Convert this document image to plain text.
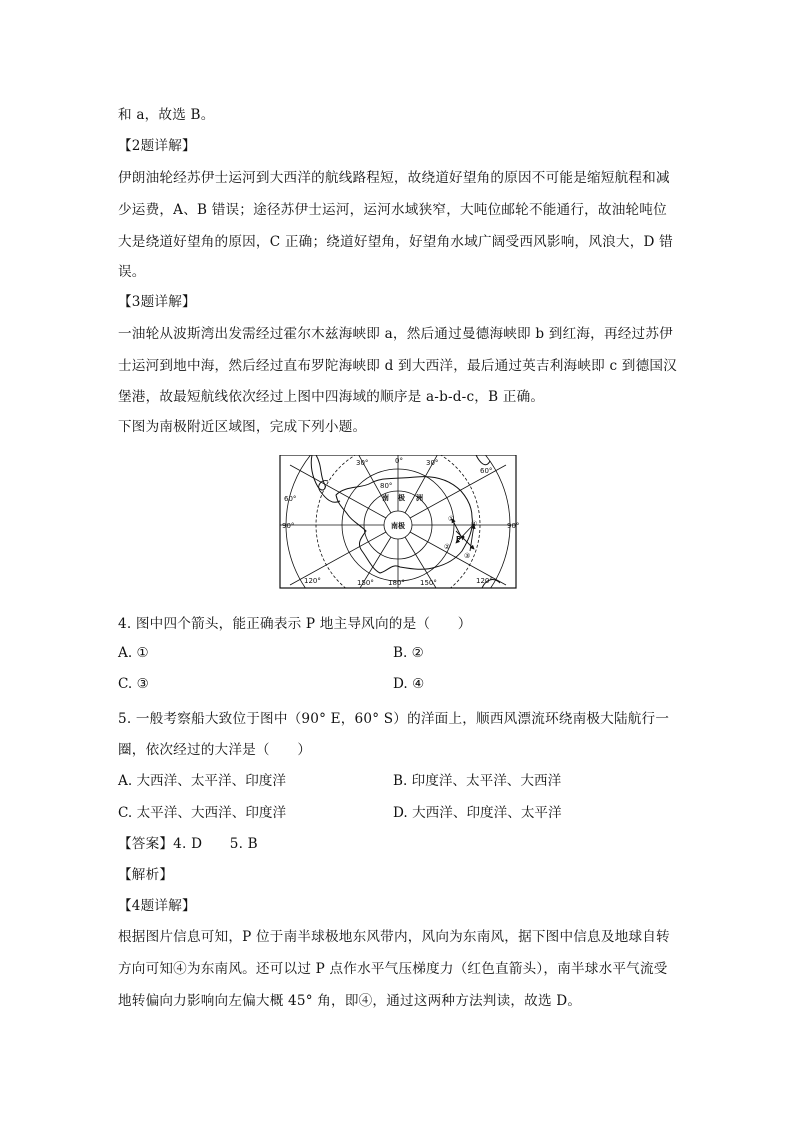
和 a，故选 B。
【2题详解】
伊朗油轮经苏伊士运河到大西洋的航线路程短，故绕道好望角的原因不可能是缩短航程和减
少运费，A、B 错误；途径苏伊士运河，运河水域狭窄，大吨位邮轮不能通行，故油轮吨位
大是绕道好望角的原因，C 正确；绕道好望角，好望角水域广阔受西风影响，风浪大，D 错
误。
【3题详解】
一油轮从波斯湾出发需经过霍尔木兹海峡即 a，然后通过曼德海峡即 b 到红海，再经过苏伊
士运河到地中海，然后经过直布罗陀海峡即 d 到大西洋，最后通过英吉利海峡即 c 到德国汉
堡港，故最短航线依次经过上图中四海域的顺序是 a-b-d-c，B 正确。
下图为南极附近区域图，完成下列小题。
0°	30°
60°
90°
120°
150°
180°
150°
120°
90°
60°
30°
80°
南 极 洲
南极
P
①
②
③
④
4. 图中四个箭头，能正确表示 P 地主导风向的是（　　）
A. ①	B. ②
C. ③	D. ④
5. 一般考察船大致位于图中（90° E，60° S）的洋面上，顺西风漂流环绕南极大陆航行一
圈，依次经过的大洋是（　　）
A. 大西洋、太平洋、印度洋	B. 印度洋、太平洋、大西洋
C. 太平洋、大西洋、印度洋	D. 大西洋、印度洋、太平洋
【答案】4. D　　5. B
【解析】
【4题详解】
根据图片信息可知，P 位于南半球极地东风带内，风向为东南风，据下图中信息及地球自转
方向可知④为东南风。还可以过 P 点作水平气压梯度力（红色直箭头），南半球水平气流受
地转偏向力影响向左偏大概 45° 角，即④，通过这两种方法判读，故选 D。
